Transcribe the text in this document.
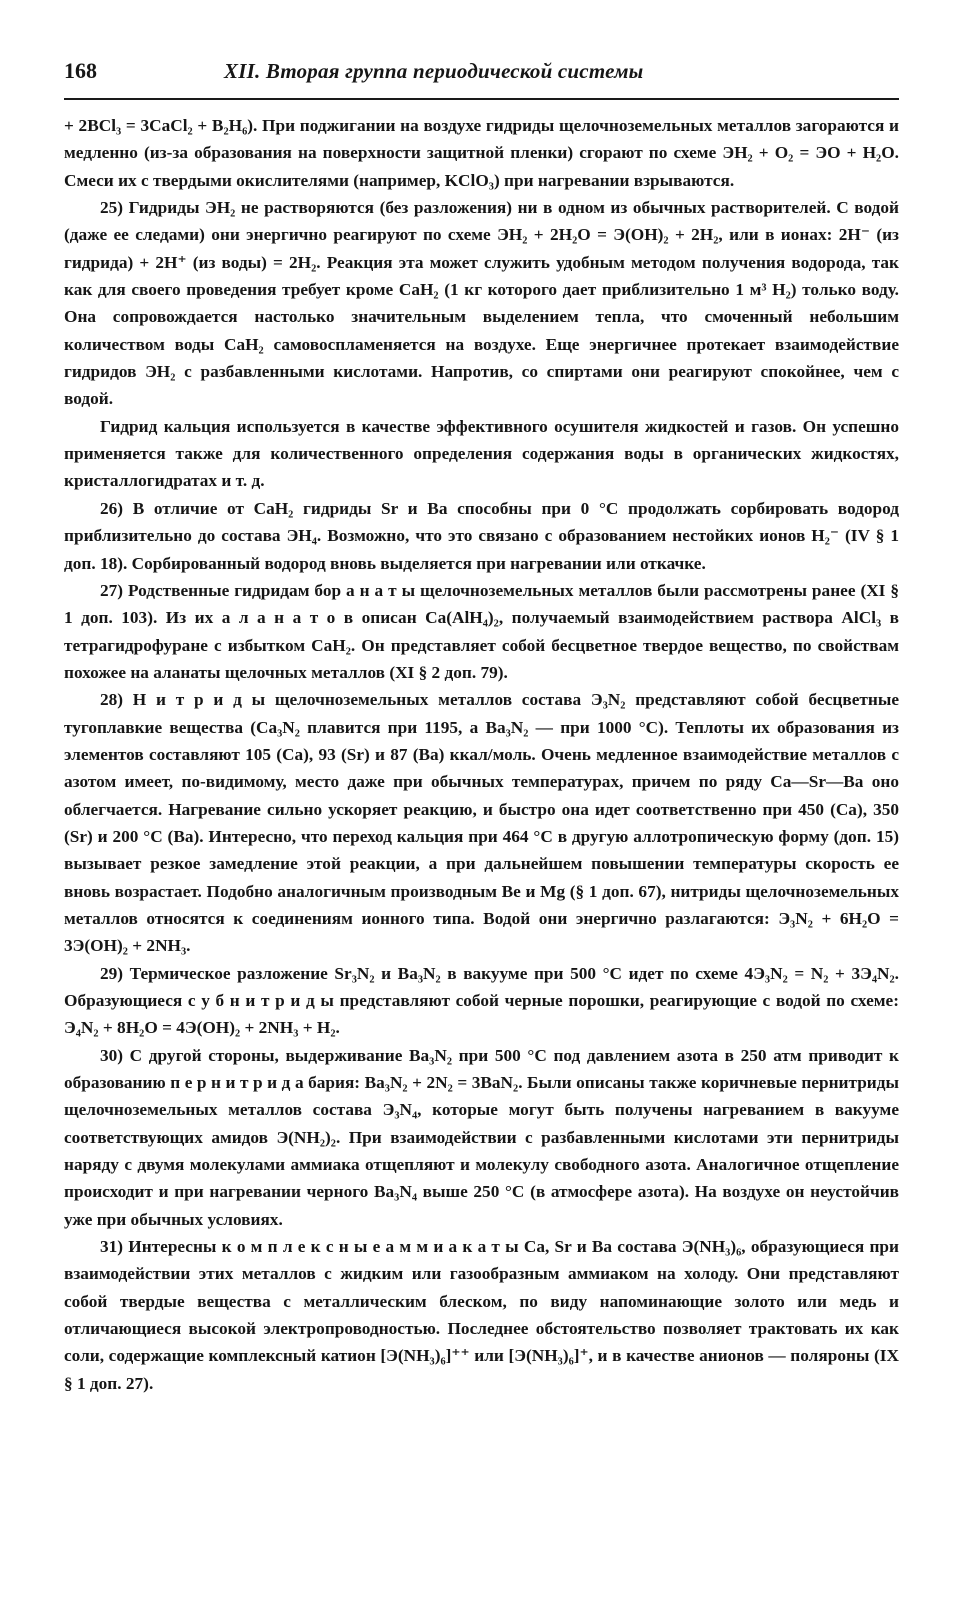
168	XII. Вторая группа периодической системы

+ 2BCl₃ = 3CaCl₂ + B₂H₆). При поджигании на воздухе гидриды щелочноземельных металлов загораются и медленно (из-за образования на поверхности защитной пленки) сгорают по схеме ЭH₂ + O₂ = ЭO + H₂O. Смеси их с твердыми окислителями (например, KClO₃) при нагревании взрываются.

25) Гидриды ЭH₂ не растворяются (без разложения) ни в одном из обычных растворителей. С водой (даже ее следами) они энергично реагируют по схеме ЭH₂ + 2H₂O = Э(OH)₂ + 2H₂, или в ионах: 2H⁻ (из гидрида) + 2H⁺ (из воды) = 2H₂. Реакция эта может служить удобным методом получения водорода, так как для своего проведения требует кроме CaH₂ (1 кг которого дает приблизительно 1 м³ H₂) только воду. Она сопровождается настолько значительным выделением тепла, что смоченный небольшим количеством воды CaH₂ самовоспламеняется на воздухе. Еще энергичнее протекает взаимодействие гидридов ЭH₂ с разбавленными кислотами. Напротив, со спиртами они реагируют спокойнее, чем с водой.

Гидрид кальция используется в качестве эффективного осушителя жидкостей и газов. Он успешно применяется также для количественного определения содержания воды в органических жидкостях, кристаллогидратах и т. д.

26) В отличие от CaH₂ гидриды Sr и Ba способны при 0 °C продолжать сорбировать водород приблизительно до состава ЭH₄. Возможно, что это связано с образованием нестойких ионов H₂⁻ (IV § 1 доп. 18). Сорбированный водород вновь выделяется при нагревании или откачке.

27) Родственные гидридам бор а н а т ы щелочноземельных металлов были рассмотрены ранее (XI § 1 доп. 103). Из их а л а н а т о в описан Ca(AlH₄)₂, получаемый взаимодействием раствора AlCl₃ в тетрагидрофуране с избытком CaH₂. Он представляет собой бесцветное твердое вещество, по свойствам похожее на аланаты щелочных металлов (XI § 2 доп. 79).

28) Н и т р и д ы щелочноземельных металлов состава Э₃N₂ представляют собой бесцветные тугоплавкие вещества (Ca₃N₂ плавится при 1195, а Ba₃N₂ — при 1000 °C). Теплоты их образования из элементов составляют 105 (Ca), 93 (Sr) и 87 (Ba) ккал/моль. Очень медленное взаимодействие металлов с азотом имеет, по-видимому, место даже при обычных температурах, причем по ряду Ca—Sr—Ba оно облегчается. Нагревание сильно ускоряет реакцию, и быстро она идет соответственно при 450 (Ca), 350 (Sr) и 200 °C (Ba). Интересно, что переход кальция при 464 °C в другую аллотропическую форму (доп. 15) вызывает резкое замедление этой реакции, а при дальнейшем повышении температуры скорость ее вновь возрастает. Подобно аналогичным производным Be и Mg (§ 1 доп. 67), нитриды щелочноземельных металлов относятся к соединениям ионного типа. Водой они энергично разлагаются: Э₃N₂ + 6H₂O = 3Э(OH)₂ + 2NH₃.

29) Термическое разложение Sr₃N₂ и Ba₃N₂ в вакууме при 500 °C идет по схеме 4Э₃N₂ = N₂ + 3Э₄N₂. Образующиеся с у б н и т р и д ы представляют собой черные порошки, реагирующие с водой по схеме: Э₄N₂ + 8H₂O = 4Э(OH)₂ + 2NH₃ + H₂.

30) С другой стороны, выдерживание Ba₃N₂ при 500 °C под давлением азота в 250 атм приводит к образованию п е р н и т р и д а бария: Ba₃N₂ + 2N₂ = 3BaN₂. Были описаны также коричневые пернитриды щелочноземельных металлов состава Э₃N₄, которые могут быть получены нагреванием в вакууме соответствующих амидов Э(NH₂)₂. При взаимодействии с разбавленными кислотами эти пернитриды наряду с двумя молекулами аммиака отщепляют и молекулу свободного азота. Аналогичное отщепление происходит и при нагревании черного Ba₃N₄ выше 250 °C (в атмосфере азота). На воздухе он неустойчив уже при обычных условиях.

31) Интересны к о м п л е к с н ы е а м м и а к а т ы Ca, Sr и Ba состава Э(NH₃)₆, образующиеся при взаимодействии этих металлов с жидким или газообразным аммиаком на холоду. Они представляют собой твердые вещества с металлическим блеском, по виду напоминающие золото или медь и отличающиеся высокой электропроводностью. Последнее обстоятельство позволяет трактовать их как соли, содержащие комплексный катион [Э(NH₃)₆]⁺⁺ или [Э(NH₃)₆]⁺, и в качестве анионов — поляроны (IX § 1 доп. 27).
